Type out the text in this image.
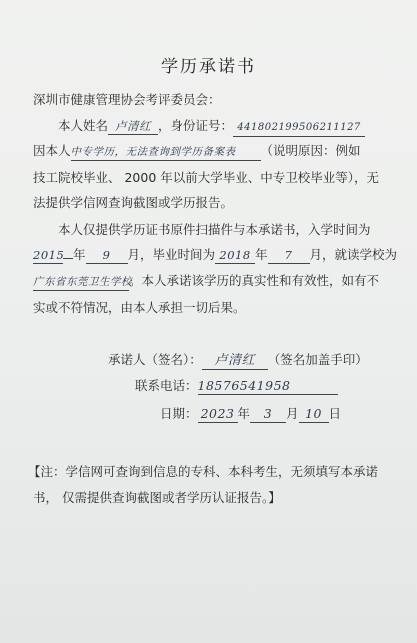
学历承诺书
深圳市健康管理协会考评委员会：
本人姓名 卢清红 ，身份证号： 441802199506211127
因本人中专学历，无法查询到学历备案表 （说明原因：例如
技工院校毕业、 2000 年以前大学毕业、中专卫校毕业等），无
法提供学信网查询截图或学历报告。
本人仅提供学历证书原件扫描件与本承诺书，入学时间为
2015 年 9 月，毕业时间为 2018 年 7 月，就读学校为
广东省东莞卫生学校。本人承诺该学历的真实性和有效性，如有不
实或不符情况，由本人承担一切后果。
承诺人（签名）： 卢清红 （签名加盖手印）
联系电话：18576541958
日期： 2023 年 3 月 10 日
【注：学信网可查询到信息的专科、本科考生，无须填写本承诺
书， 仅需提供查询截图或者学历认证报告。】
